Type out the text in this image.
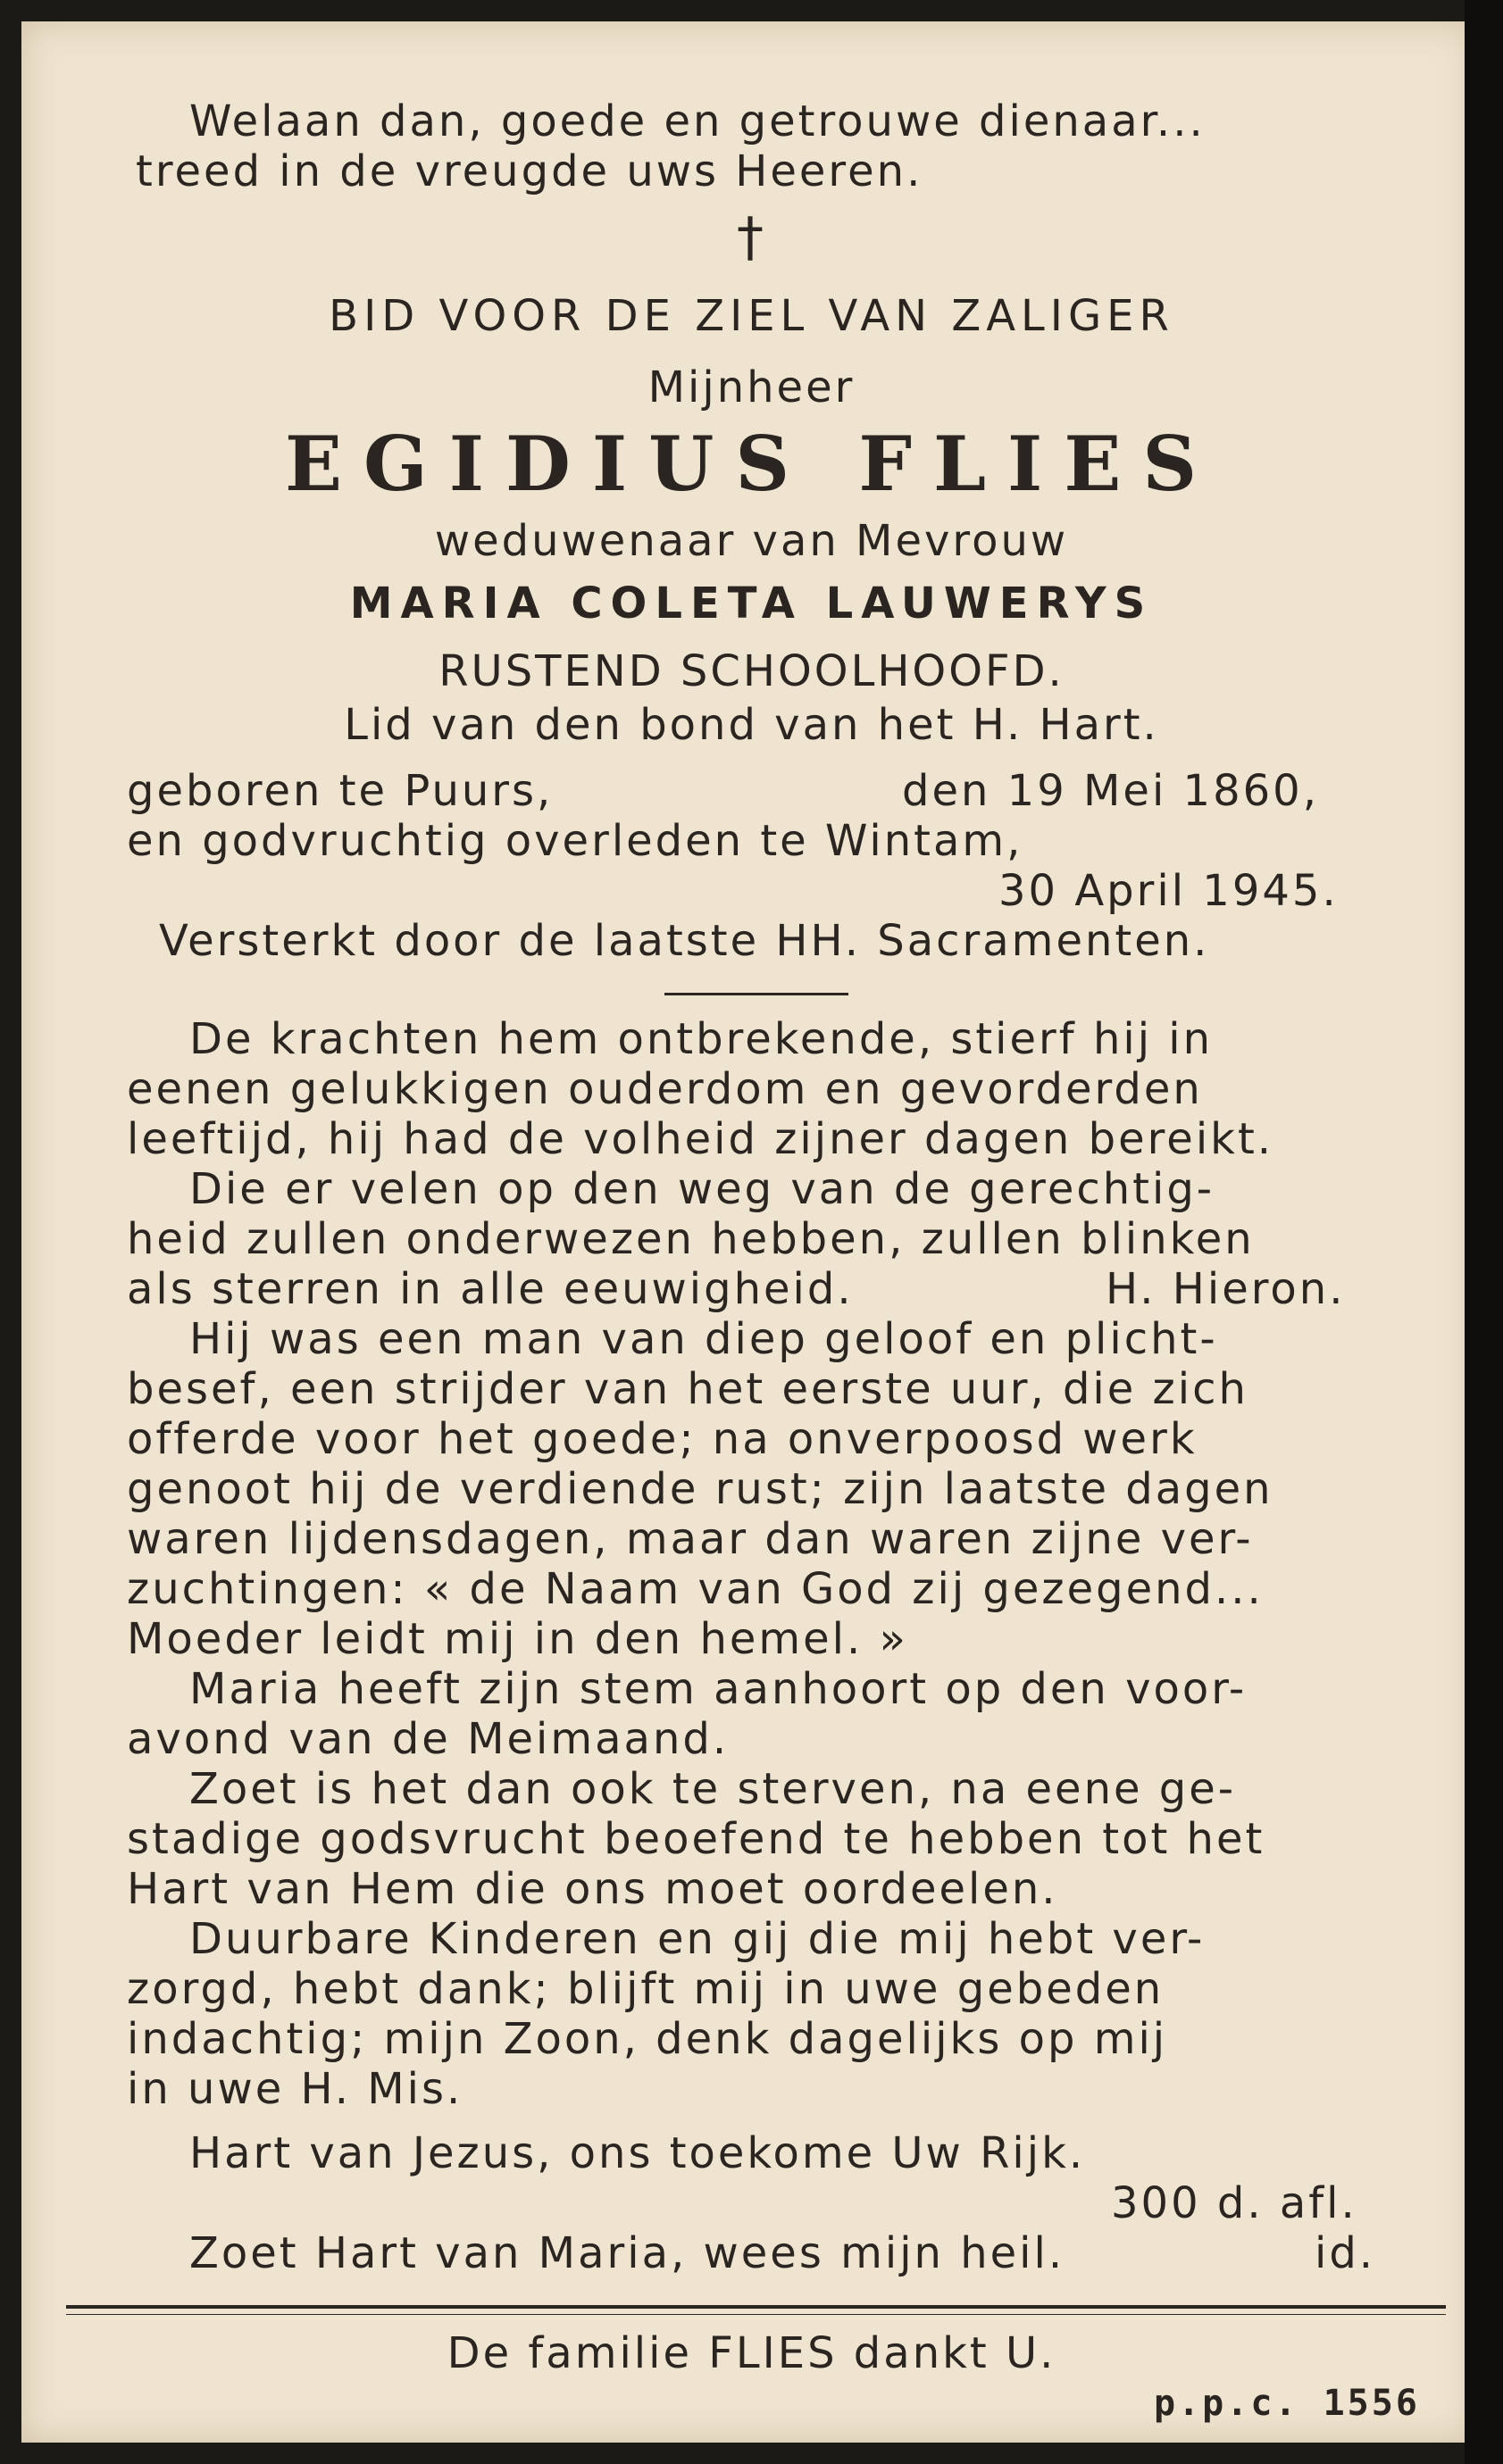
Welaan dan, goede en getrouwe dienaar...
treed in de vreugde uws Heeren.
†
BID VOOR DE ZIEL VAN ZALIGER
Mijnheer
EGIDIUS FLIES
weduwenaar van Mevrouw
MARIA COLETA LAUWERYS
RUSTEND SCHOOLHOOFD.
Lid van den bond van het H. Hart.
geboren te Puurs,	den 19 Mei 1860,
en godvruchtig overleden te Wintam,
30 April 1945.
Versterkt door de laatste HH. Sacramenten.
De krachten hem ontbrekende, stierf hij in
eenen gelukkigen ouderdom en gevorderden
leeftijd, hij had de volheid zijner dagen bereikt.
Die er velen op den weg van de gerechtig-
heid zullen onderwezen hebben, zullen blinken
als sterren in alle eeuwigheid.	H. Hieron.
Hij was een man van diep geloof en plicht-
besef, een strijder van het eerste uur, die zich
offerde voor het goede; na onverpoosd werk
genoot hij de verdiende rust; zijn laatste dagen
waren lijdensdagen, maar dan waren zijne ver-
zuchtingen: « de Naam van God zij gezegend...
Moeder leidt mij in den hemel. »
Maria heeft zijn stem aanhoort op den voor-
avond van de Meimaand.
Zoet is het dan ook te sterven, na eene ge-
stadige godsvrucht beoefend te hebben tot het
Hart van Hem die ons moet oordeelen.
Duurbare Kinderen en gij die mij hebt ver-
zorgd, hebt dank; blijft mij in uwe gebeden
indachtig; mijn Zoon, denk dagelijks op mij
in uwe H. Mis.
Hart van Jezus, ons toekome Uw Rijk.
300 d. afl.
Zoet Hart van Maria, wees mijn heil.	id.
De familie FLIES dankt U.
p.p.c. 1556
